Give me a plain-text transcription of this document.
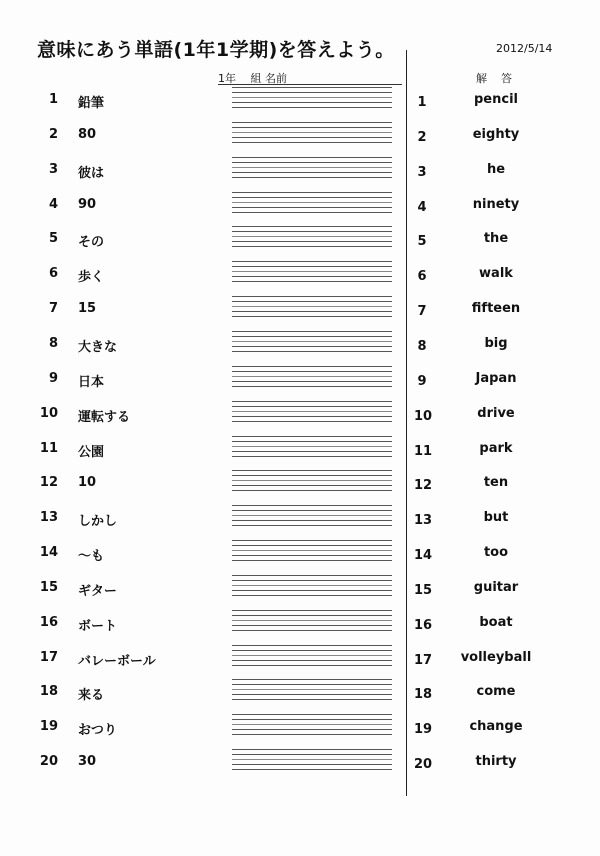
意味にあう単語(1年1学期)を答えよう。	2012/5/14
1年　 組 名前	解答
1 鉛筆	1	pencil
2 80	2	eighty
3 彼は	3	he
4 90	4	ninety
5 その	5	the
6 歩く	6	walk
7 15	7	fifteen
8 大きな	8	big
9 日本	9	Japan
10 運転する	10	drive
11 公園	11	park
12 10	12	ten
13 しかし	13	but
14 〜も	14	too
15 ギター	15	guitar
16 ボート	16	boat
17 バレーボール	17	volleyball
18 来る	18	come
19 おつり	19	change
20 30	20	thirty
